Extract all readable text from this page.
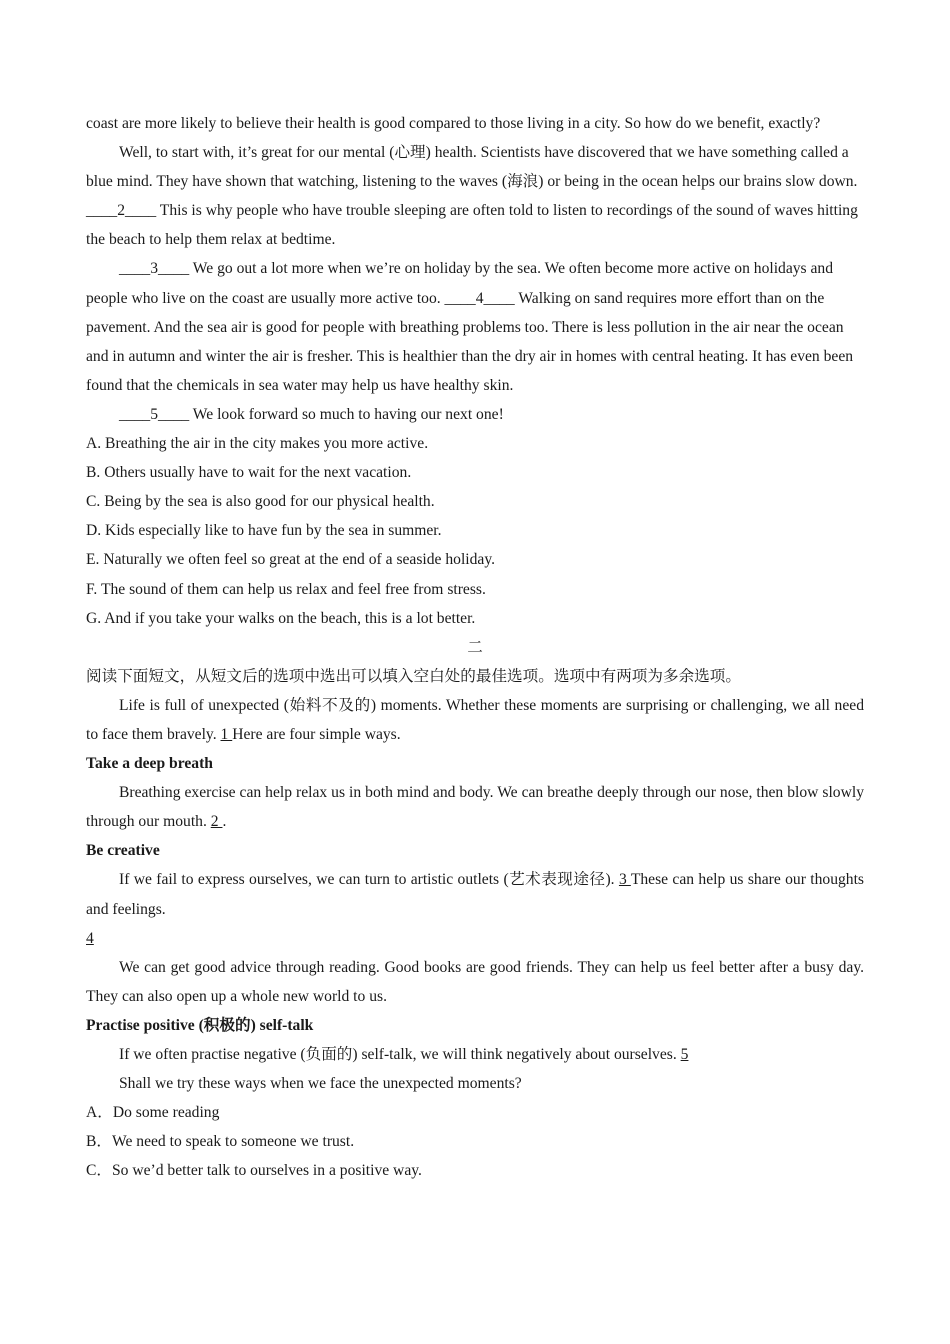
coast are more likely to believe their health is good compared to those living in a city. So how do we benefit, exactly?

Well, to start with, it’s great for our mental (心理) health. Scientists have discovered that we have something called a blue mind. They have shown that watching, listening to the waves (海浪) or being in the ocean helps our brains slow down. ____2____ This is why people who have trouble sleeping are often told to listen to recordings of the sound of waves hitting the beach to help them relax at bedtime.

____3____ We go out a lot more when we’re on holiday by the sea. We often become more active on holidays and people who live on the coast are usually more active too. ____4____ Walking on sand requires more effort than on the pavement. And the sea air is good for people with breathing problems too. There is less pollution in the air near the ocean and in autumn and winter the air is fresher. This is healthier than the dry air in homes with central heating. It has even been found that the chemicals in sea water may help us have healthy skin.

____5____ We look forward so much to having our next one!

A. Breathing the air in the city makes you more active.

B. Others usually have to wait for the next vacation.

C. Being by the sea is also good for our physical health.

D. Kids especially like to have fun by the sea in summer.

E. Naturally we often feel so great at the end of a seaside holiday.

F. The sound of them can help us relax and feel free from stress.

G. And if you take your walks on the beach, this is a lot better.

二

阅读下面短文，从短文后的选项中选出可以填入空白处的最佳选项。选项中有两项为多余选项。

Life is full of unexpected (始料不及的) moments. Whether these moments are surprising or challenging, we all need to face them bravely. 1 Here are four simple ways.

Take a deep breath

Breathing exercise can help relax us in both mind and body. We can breathe deeply through our nose, then blow slowly through our mouth. 2 .

Be creative

If we fail to express ourselves, we can turn to artistic outlets (艺术表现途径). 3 These can help us share our thoughts and feelings.

4

We can get good advice through reading. Good books are good friends. They can help us feel better after a busy day. They can also open up a whole new world to us.

Practise positive (积极的) self-talk

If we often practise negative (负面的) self-talk, we will think negatively about ourselves. 5

Shall we try these ways when we face the unexpected moments?

A．Do some reading

B．We need to speak to someone we trust.

C．So we’d better talk to ourselves in a positive way.
